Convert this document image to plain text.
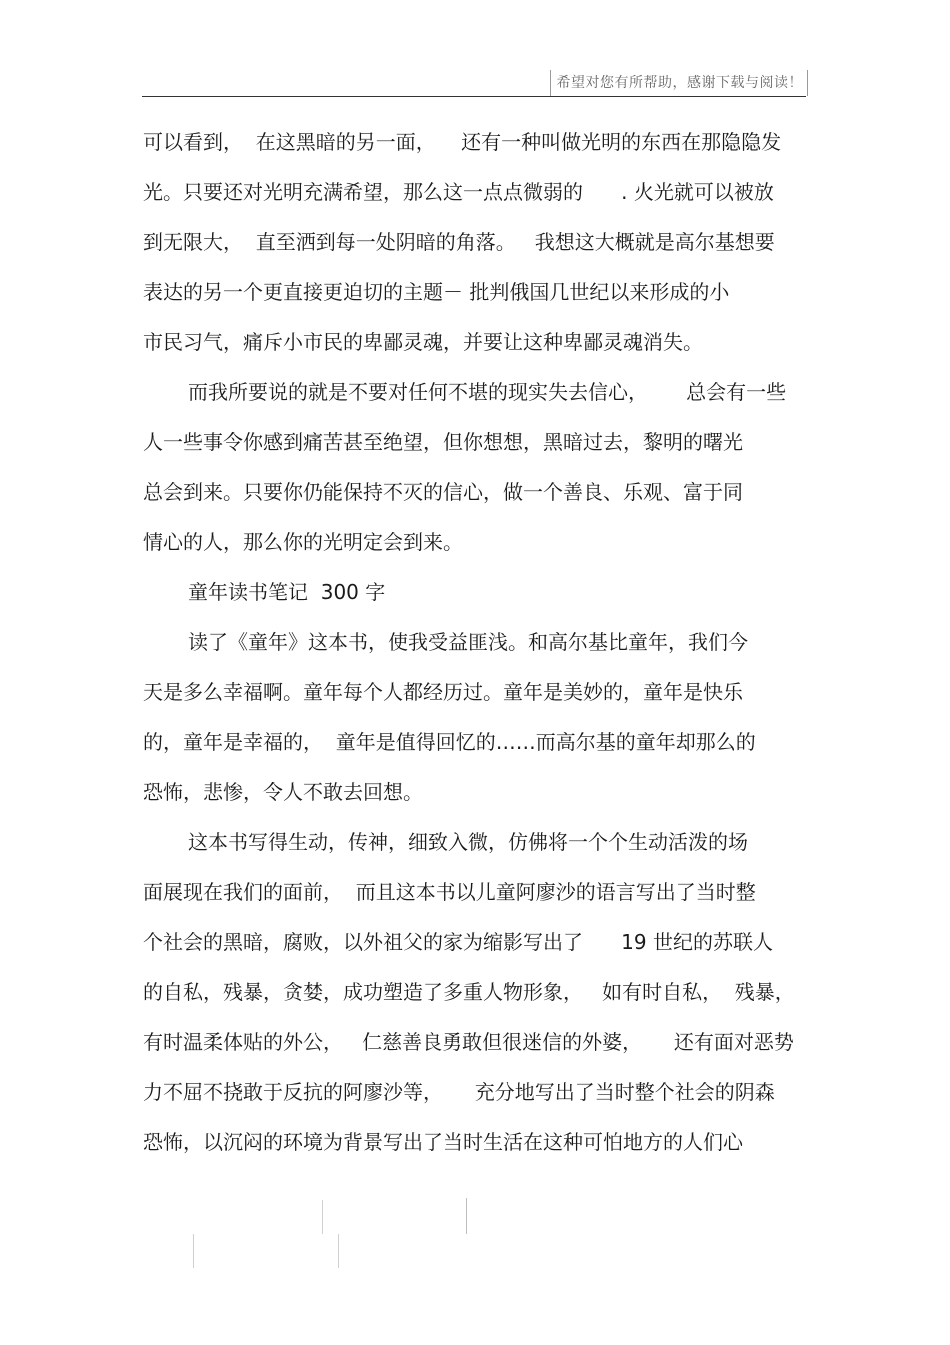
希望对您有所帮助，感谢下载与阅读！
可以看到，  在这黑暗的另一面，    还有一种叫做光明的东西在那隐隐发
光。只要还对光明充满希望，那么这一点点微弱的      . 火光就可以被放
到无限大，  直至洒到每一处阴暗的角落。   我想这大概就是高尔基想要
表达的另一个更直接更迫切的主题－ 批判俄国几世纪以来形成的小
市民习气，痛斥小市民的卑鄙灵魂，并要让这种卑鄙灵魂消失。
而我所要说的就是不要对任何不堪的现实失去信心，      总会有一些
人一些事令你感到痛苦甚至绝望，但你想想，黑暗过去，黎明的曙光
总会到来。只要你仍能保持不灭的信心，做一个善良、乐观、富于同
情心的人，那么你的光明定会到来。
童年读书笔记  300 字
读了《童年》这本书，使我受益匪浅。和高尔基比童年，我们今
天是多么幸福啊。童年每个人都经历过。童年是美妙的，童年是快乐
的，童年是幸福的，  童年是值得回忆的……而高尔基的童年却那么的
恐怖，悲惨，令人不敢去回想。
这本书写得生动，传神，细致入微，仿佛将一个个生动活泼的场
面展现在我们的面前，  而且这本书以儿童阿廖沙的语言写出了当时整
个社会的黑暗，腐败，以外祖父的家为缩影写出了      19 世纪的苏联人
的自私，残暴，贪婪，成功塑造了多重人物形象，   如有时自私，  残暴，
有时温柔体贴的外公，   仁慈善良勇敢但很迷信的外婆，     还有面对恶势
力不屈不挠敢于反抗的阿廖沙等，     充分地写出了当时整个社会的阴森
恐怖，以沉闷的环境为背景写出了当时生活在这种可怕地方的人们心
